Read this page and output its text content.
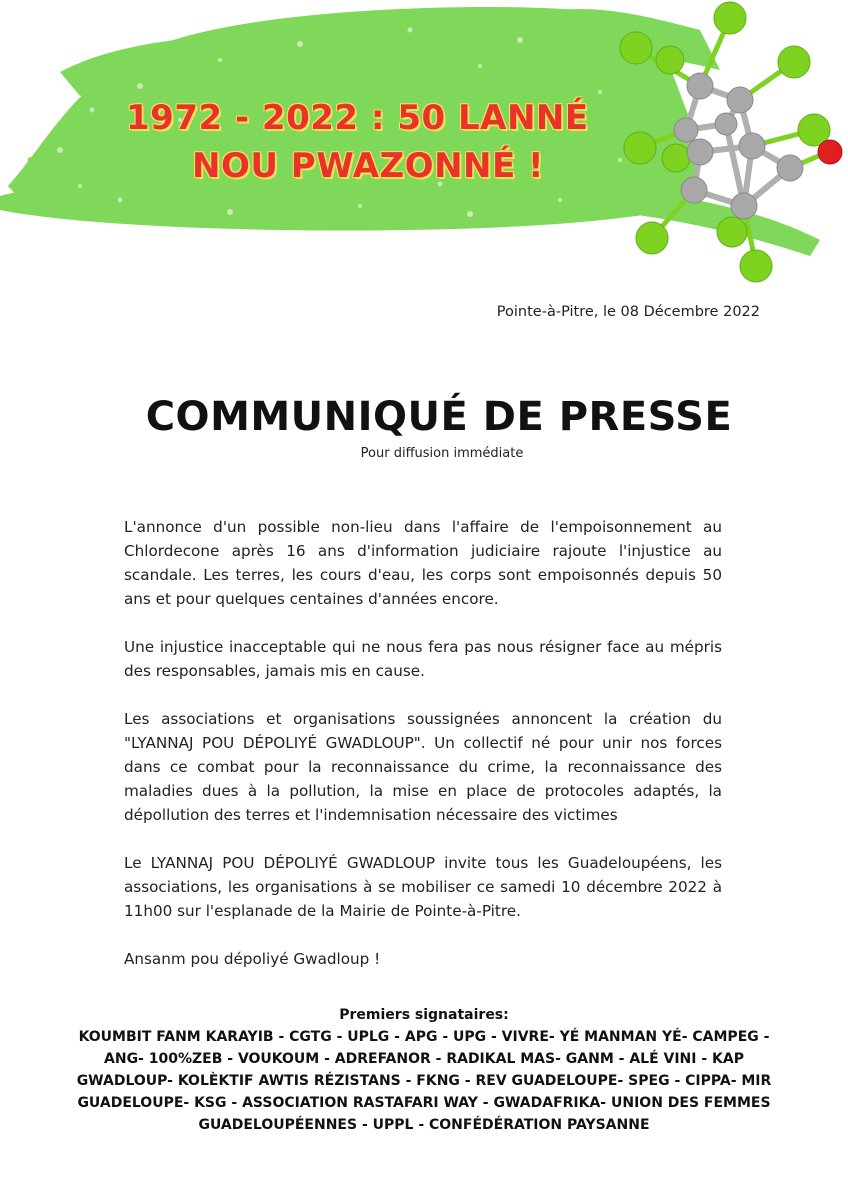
1972 - 2022 : 50 LANNÉ

NOU PWAZONNÉ !

Pointe-à-Pitre, le 08 Décembre 2022

COMMUNIQUÉ DE PRESSE

Pour diffusion immédiate

L'annonce d'un possible non-lieu dans l'affaire de l'empoisonnement au Chlordecone après 16 ans d'information judiciaire rajoute l'injustice au scandale. Les terres, les cours d'eau, les corps sont empoisonnés depuis 50 ans et pour quelques centaines d'années encore.

Une injustice inacceptable qui ne nous fera pas nous résigner face au mépris des responsables, jamais mis en cause.

Les associations et organisations soussignées annoncent la création du "LYANNAJ POU DÉPOLIYÉ GWADLOUP". Un collectif né pour unir nos forces dans ce combat pour la reconnaissance du crime, la reconnaissance des maladies dues à la pollution, la mise en place de protocoles adaptés, la dépollution des terres et l'indemnisation nécessaire des victimes

Le LYANNAJ POU DÉPOLIYÉ GWADLOUP invite tous les Guadeloupéens, les associations, les organisations à se mobiliser ce samedi 10 décembre 2022 à 11h00 sur l'esplanade de la Mairie de Pointe-à-Pitre.

Ansanm pou dépoliyé Gwadloup !

Premiers signataires:

KOUMBIT FANM KARAYIB - CGTG - UPLG - APG - UPG - VIVRE- YÉ MANMAN YÉ- CAMPEG - ANG- 100%ZEB - VOUKOUM - ADREFANOR - RADIKAL MAS- GANM - ALÉ VINI - KAP GWADLOUP- KOLÈKTIF AWTIS RÉZISTANS - FKNG - REV GUADELOUPE- SPEG - CIPPA- MIR GUADELOUPE- KSG - ASSOCIATION RASTAFARI WAY - GWADAFRIKA- UNION DES FEMMES GUADELOUPÉENNES - UPPL - CONFÉDÉRATION PAYSANNE
